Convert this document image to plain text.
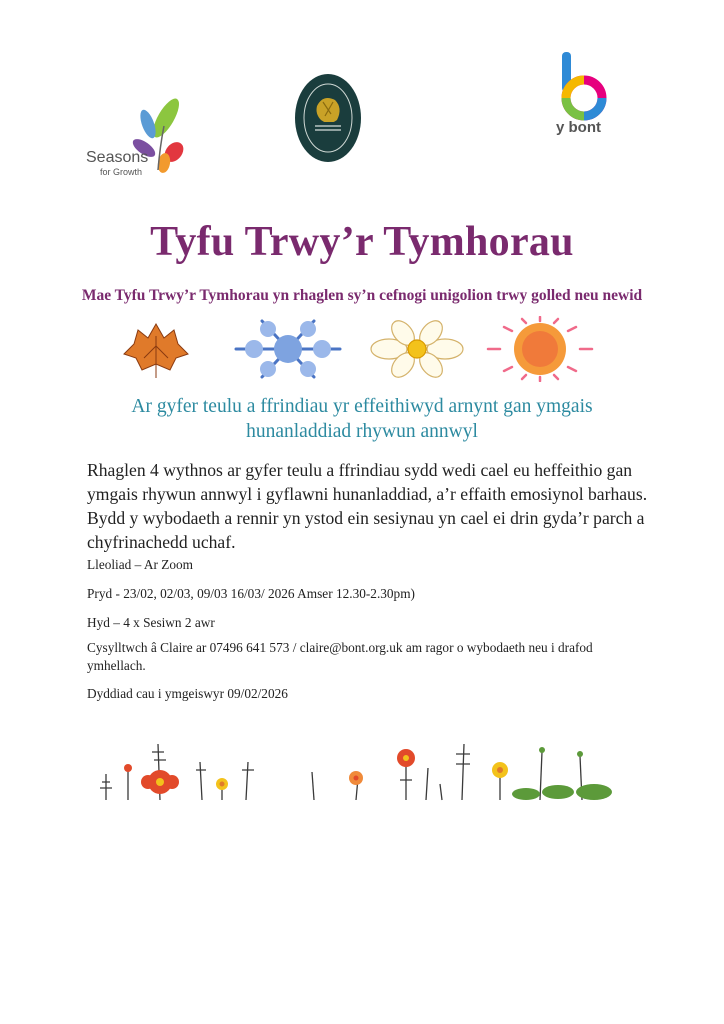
Seasons
for Growth
y bont
Tyfu Trwy’r Tymhorau
Mae Tyfu Trwy’r Tymhorau yn rhaglen sy’n cefnogi unigolion trwy golled neu newid
Ar gyfer teulu a ffrindiau yr effeithiwyd arnynt gan ymgais
hunanladdiad rhywun annwyl
Rhaglen 4 wythnos ar gyfer teulu a ffrindiau sydd wedi cael eu heffeithio gan
ymgais rhywun annwyl i gyflawni hunanladdiad, a’r effaith emosiynol barhaus.
Bydd y wybodaeth a rennir yn ystod ein sesiynau yn cael ei drin gyda’r parch a
chyfrinachedd uchaf.
Lleoliad – Ar Zoom
Pryd - 23/02, 02/03, 09/03 16/03/ 2026 Amser 12.30-2.30pm)
Hyd – 4 x Sesiwn 2 awr
Cysylltwch â Claire ar 07496 641 573 / claire@bont.org.uk am ragor o wybodaeth neu i drafod
ymhellach.
Dyddiad cau i ymgeiswyr 09/02/2026
